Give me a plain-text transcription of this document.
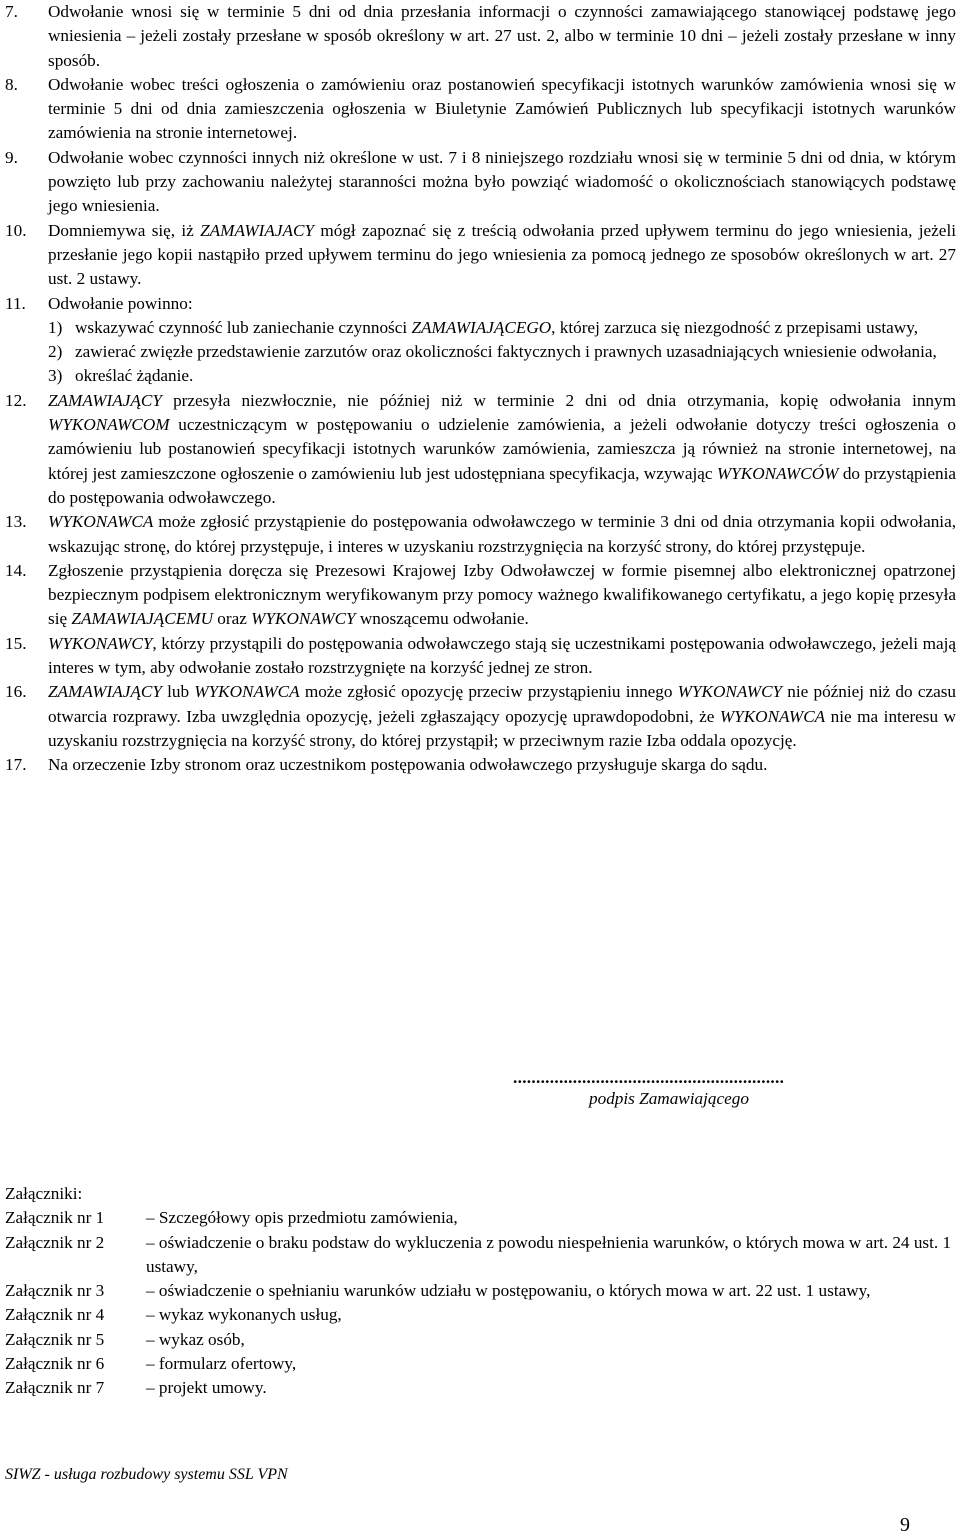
7. Odwołanie wnosi się w terminie 5 dni od dnia przesłania informacji o czynności zamawiającego stanowiącej podstawę jego wniesienia – jeżeli zostały przesłane w sposób określony w art. 27 ust. 2, albo w terminie 10 dni – jeżeli zostały przesłane w inny sposób.
8. Odwołanie wobec treści ogłoszenia o zamówieniu oraz postanowień specyfikacji istotnych warunków zamówienia wnosi się w terminie 5 dni od dnia zamieszczenia ogłoszenia w Biuletynie Zamówień Publicznych lub specyfikacji istotnych warunków zamówienia na stronie internetowej.
9. Odwołanie wobec czynności innych niż określone w ust. 7 i 8 niniejszego rozdziału wnosi się w terminie 5 dni od dnia, w którym powzięto lub przy zachowaniu należytej staranności można było powziąć wiadomość o okolicznościach stanowiących podstawę jego wniesienia.
10. Domniemywa się, iż ZAMAWIAJACY mógł zapoznać się z treścią odwołania przed upływem terminu do jego wniesienia, jeżeli przesłanie jego kopii nastąpiło przed upływem terminu do jego wniesienia za pomocą jednego ze sposobów określonych w art. 27 ust. 2 ustawy.
11. Odwołanie powinno:
1) wskazywać czynność lub zaniechanie czynności ZAMAWIAJĄCEGO, której zarzuca się niezgodność z przepisami ustawy,
2) zawierać zwięzłe przedstawienie zarzutów oraz okoliczności faktycznych i prawnych uzasadniających wniesienie odwołania,
3) określać żądanie.
12. ZAMAWIAJĄCY przesyła niezwłocznie, nie później niż w terminie 2 dni od dnia otrzymania, kopię odwołania innym WYKONAWCOM uczestniczącym w postępowaniu o udzielenie zamówienia, a jeżeli odwołanie dotyczy treści ogłoszenia o zamówieniu lub postanowień specyfikacji istotnych warunków zamówienia, zamieszcza ją również na stronie internetowej, na której jest zamieszczone ogłoszenie o zamówieniu lub jest udostępniana specyfikacja, wzywając WYKONAWCÓW do przystąpienia do postępowania odwoławczego.
13. WYKONAWCA może zgłosić przystąpienie do postępowania odwoławczego w terminie 3 dni od dnia otrzymania kopii odwołania, wskazując stronę, do której przystępuje, i interes w uzyskaniu rozstrzygnięcia na korzyść strony, do której przystępuje.
14. Zgłoszenie przystąpienia doręcza się Prezesowi Krajowej Izby Odwoławczej w formie pisemnej albo elektronicznej opatrzonej bezpiecznym podpisem elektronicznym weryfikowanym przy pomocy ważnego kwalifikowanego certyfikatu, a jego kopię przesyła się ZAMAWIAJĄCEMU oraz WYKONAWCY wnoszącemu odwołanie.
15. WYKONAWCY, którzy przystąpili do postępowania odwoławczego stają się uczestnikami postępowania odwoławczego, jeżeli mają interes w tym, aby odwołanie zostało rozstrzygnięte na korzyść jednej ze stron.
16. ZAMAWIAJĄCY lub WYKONAWCA może zgłosić opozycję przeciw przystąpieniu innego WYKONAWCY nie później niż do czasu otwarcia rozprawy. Izba uwzględnia opozycję, jeżeli zgłaszający opozycję uprawdopodobni, że WYKONAWCA nie ma interesu w uzyskaniu rozstrzygnięcia na korzyść strony, do której przystąpił; w przeciwnym razie Izba oddala opozycję.
17. Na orzeczenie Izby stronom oraz uczestnikom postępowania odwoławczego przysługuje skarga do sądu.
...........................................................
podpis Zamawiającego
Załączniki:
Załącznik nr 1 – Szczegółowy opis przedmiotu zamówienia,
Załącznik nr 2 – oświadczenie o braku podstaw do wykluczenia z powodu niespełnienia warunków, o których mowa w art. 24 ust. 1 ustawy,
Załącznik nr 3 – oświadczenie o spełnianiu warunków udziału w postępowaniu, o których mowa w art. 22 ust. 1 ustawy,
Załącznik nr 4 – wykaz wykonanych usług,
Załącznik nr 5 – wykaz osób,
Załącznik nr 6 – formularz ofertowy,
Załącznik nr 7 – projekt umowy.
SIWZ - usługa rozbudowy systemu SSL VPN
9
